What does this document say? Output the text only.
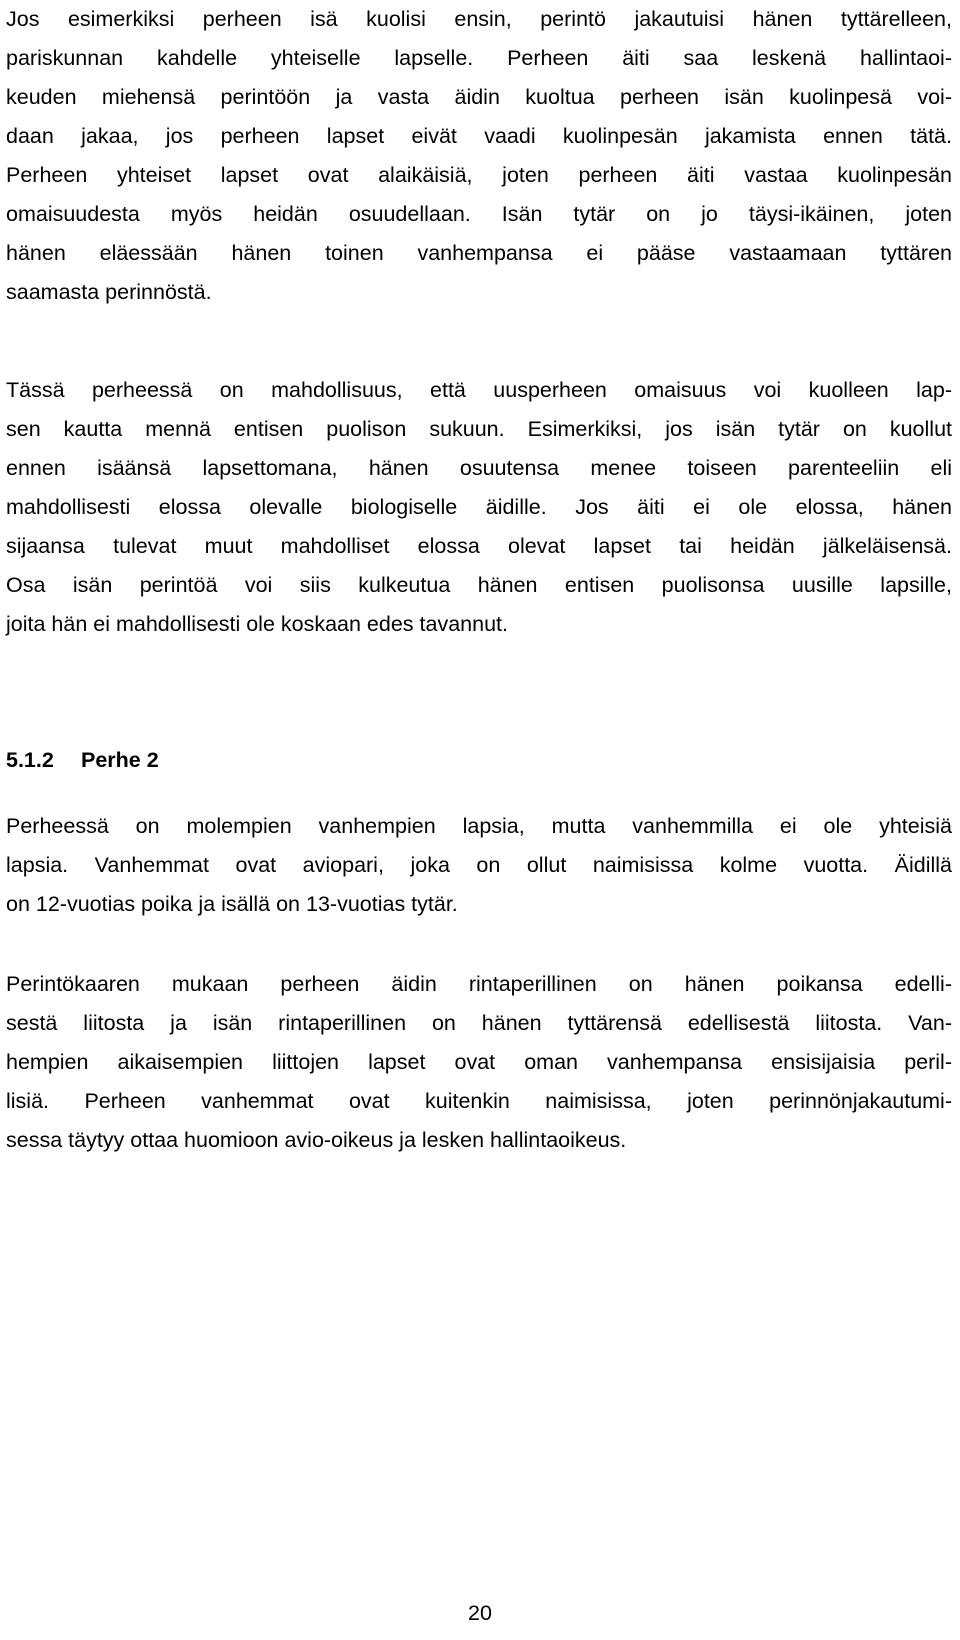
Jos esimerkiksi perheen isä kuolisi ensin, perintö jakautuisi hänen tyttärelleen,
pariskunnan kahdelle yhteiselle lapselle. Perheen äiti saa leskenä hallintaoi-
keuden miehensä perintöön ja vasta äidin kuoltua perheen isän kuolinpesä voi-
daan jakaa, jos perheen lapset eivät vaadi kuolinpesän jakamista ennen tätä.
Perheen yhteiset lapset ovat alaikäisiä, joten perheen äiti vastaa kuolinpesän
omaisuudesta myös heidän osuudellaan. Isän tytär on jo täysi-ikäinen, joten
hänen eläessään hänen toinen vanhempansa ei pääse vastaamaan tyttären
saamasta perinnöstä.
Tässä perheessä on mahdollisuus, että uusperheen omaisuus voi kuolleen lap-
sen kautta mennä entisen puolison sukuun. Esimerkiksi, jos isän tytär on kuollut
ennen isäänsä lapsettomana, hänen osuutensa menee toiseen parenteeliin eli
mahdollisesti elossa olevalle biologiselle äidille. Jos äiti ei ole elossa, hänen
sijaansa tulevat muut mahdolliset elossa olevat lapset tai heidän jälkeläisensä.
Osa isän perintöä voi siis kulkeutua hänen entisen puolisonsa uusille lapsille,
joita hän ei mahdollisesti ole koskaan edes tavannut.
5.1.2 Perhe 2
Perheessä on molempien vanhempien lapsia, mutta vanhemmilla ei ole yhteisiä
lapsia. Vanhemmat ovat aviopari, joka on ollut naimisissa kolme vuotta. Äidillä
on 12-vuotias poika ja isällä on 13-vuotias tytär.
Perintökaaren mukaan perheen äidin rintaperillinen on hänen poikansa edelli-
sestä liitosta ja isän rintaperillinen on hänen tyttärensä edellisestä liitosta. Van-
hempien aikaisempien liittojen lapset ovat oman vanhempansa ensisijaisia peril-
lisiä. Perheen vanhemmat ovat kuitenkin naimisissa, joten perinnönjakautumi-
sessa täytyy ottaa huomioon avio-oikeus ja lesken hallintaoikeus.
20
